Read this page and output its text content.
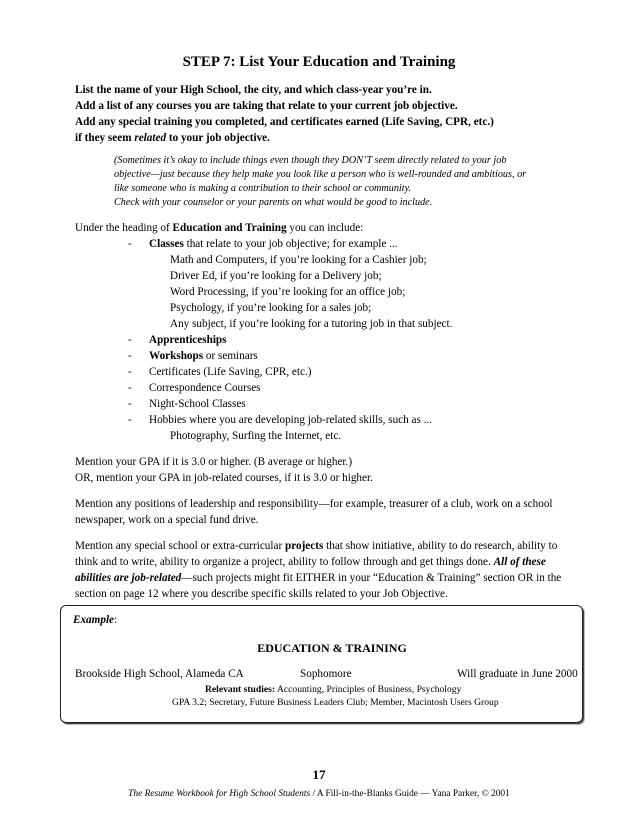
STEP 7: List Your Education and Training
List the name of your High School, the city, and which class-year you’re in.
Add a list of any courses you are taking that relate to your current job objective.
Add any special training you completed, and certificates earned (Life Saving, CPR, etc.)
if they seem related to your job objective.
(Sometimes it’s okay to include things even though they DON’T seem directly related to your job
objective—just because they help make you look like a person who is well-rounded and ambitious, or
like someone who is making a contribution to their school or community.
Check with your counselor or your parents on what would be good to include.
Under the heading of Education and Training you can include:
- Classes that relate to your job objective; for example ...
Math and Computers, if you’re looking for a Cashier job;
Driver Ed, if you’re looking for a Delivery job;
Word Processing, if you’re looking for an office job;
Psychology, if you’re looking for a sales job;
Any subject, if you’re looking for a tutoring job in that subject.
- Apprenticeships
- Workshops or seminars
- Certificates (Life Saving, CPR, etc.)
- Correspondence Courses
- Night-School Classes
- Hobbies where you are developing job-related skills, such as ...
Photography, Surfing the Internet, etc.
Mention your GPA if it is 3.0 or higher. (B average or higher.)
OR, mention your GPA in job-related courses, if it is 3.0 or higher.
Mention any positions of leadership and responsibility—for example, treasurer of a club, work on a school
newspaper, work on a special fund drive.
Mention any special school or extra-curricular projects that show initiative, ability to do research, ability to
think and to write, ability to organize a project, ability to follow through and get things done. All of these
abilities are job-related—such projects might fit EITHER in your “Education & Training” section OR in the
section on page 12 where you describe specific skills related to your Job Objective.
Example:
EDUCATION & TRAINING
Brookside High School, Alameda CA	Sophomore	Will graduate in June 2000
Relevant studies: Accounting, Principles of Business, Psychology
GPA 3.2; Secretary, Future Business Leaders Club; Member, Macintosh Users Group
17
The Resume Workbook for High School Students / A Fill-in-the-Blanks Guide — Yana Parker, © 2001
